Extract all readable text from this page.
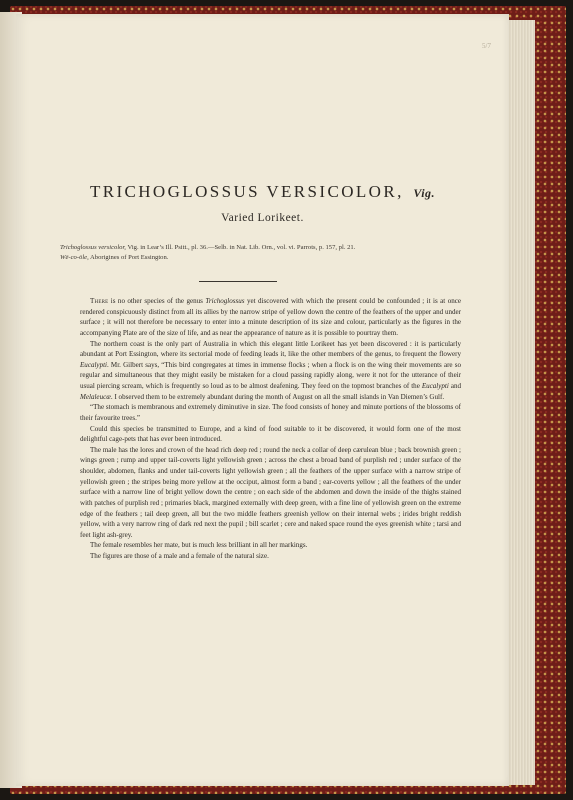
5/7
TRICHOGLOSSUS VERSICOLOR, Vig.
Varied Lorikeet.
Trichoglossus versicolor, Vig. in Lear’s Ill. Psitt., pl. 36.—Selb. in Nat. Lib. Orn., vol. vi. Parrots, p. 157, pl. 21.
Wē-co-ōle, Aborigines of Port Essington.

There is no other species of the genus Trichoglossus yet discovered with which the present could be confounded ; it is at once rendered conspicuously distinct from all its allies by the narrow stripe of yellow down the centre of the feathers of the upper and under surface ; it will not therefore be necessary to enter into a minute description of its size and colour, particularly as the figures in the accompanying Plate are of the size of life, and as near the appearance of nature as it is possible to pourtray them.

The northern coast is the only part of Australia in which this elegant little Lorikeet has yet been discovered : it is particularly abundant at Port Essington, where its sectorial mode of feeding leads it, like the other members of the genus, to frequent the flowery Eucalypti. Mr. Gilbert says, “This bird congregates at times in immense flocks ; when a flock is on the wing their movements are so regular and simultaneous that they might easily be mistaken for a cloud passing rapidly along, were it not for the utterance of their usual piercing scream, which is frequently so loud as to be almost deafening. They feed on the topmost branches of the Eucalypti and Melaleucæ. I observed them to be extremely abundant during the month of August on all the small islands in Van Diemen’s Gulf.

“The stomach is membranous and extremely diminutive in size. The food consists of honey and minute portions of the blossoms of their favourite trees.”

Could this species be transmitted to Europe, and a kind of food suitable to it be discovered, it would form one of the most delightful cage-pets that has ever been introduced.

The male has the lores and crown of the head rich deep red ; round the neck a collar of deep cærulean blue ; back brownish green ; wings green ; rump and upper tail-coverts light yellowish green ; across the chest a broad band of purplish red ; under surface of the shoulder, abdomen, flanks and under tail-coverts light yellowish green ; all the feathers of the upper surface with a narrow stripe of yellowish green ; the stripes being more yellow at the occiput, almost form a band ; ear-coverts yellow ; all the feathers of the under surface with a narrow line of bright yellow down the centre ; on each side of the abdomen and down the inside of the thighs stained with patches of purplish red ; primaries black, margined externally with deep green, with a fine line of yellowish green on the extreme edge of the feathers ; tail deep green, all but the two middle feathers greenish yellow on their internal webs ; irides bright reddish yellow, with a very narrow ring of dark red next the pupil ; bill scarlet ; cere and naked space round the eyes greenish white ; tarsi and feet light ash-grey.

The female resembles her mate, but is much less brilliant in all her markings.

The figures are those of a male and a female of the natural size.
